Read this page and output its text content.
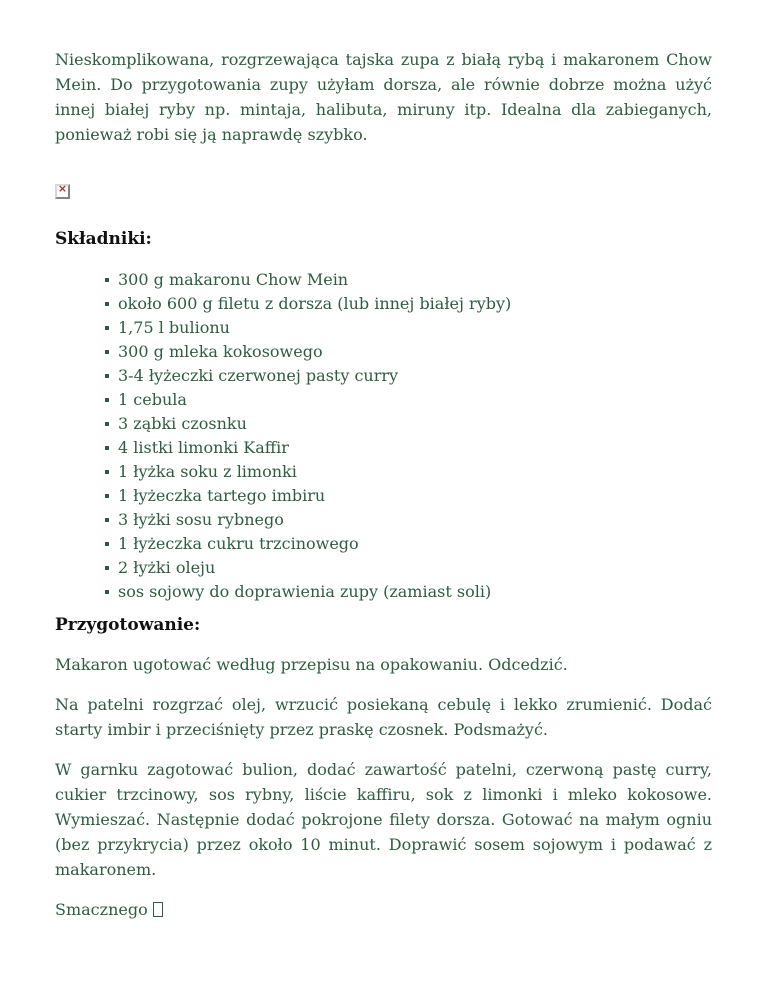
Nieskomplikowana, rozgrzewająca tajska zupa z białą rybą i makaronem Chow Mein. Do przygotowania zupy użyłam dorsza, ale równie dobrze można użyć innej białej ryby np. mintaja, halibuta, miruny itp. Idealna dla zabieganych, ponieważ robi się ją naprawdę szybko.

×
Składniki:
300 g makaronu Chow Mein
około 600 g filetu z dorsza (lub innej białej ryby)
1,75 l bulionu
300 g mleka kokosowego
3-4 łyżeczki czerwonej pasty curry
1 cebula
3 ząbki czosnku
4 listki limonki Kaffir
1 łyżka soku z limonki
1 łyżeczka tartego imbiru
3 łyżki sosu rybnego
1 łyżeczka cukru trzcinowego
2 łyżki oleju
sos sojowy do doprawienia zupy (zamiast soli)
Przygotowanie:

Makaron ugotować według przepisu na opakowaniu. Odcedzić.

Na patelni rozgrzać olej, wrzucić posiekaną cebulę i lekko zrumienić. Dodać starty imbir i przeciśnięty przez praskę czosnek. Podsmażyć.

W garnku zagotować bulion, dodać zawartość patelni, czerwoną pastę curry, cukier trzcinowy, sos rybny, liście kaffiru, sok z limonki i mleko kokosowe. Wymieszać. Następnie dodać pokrojone filety dorsza. Gotować na małym ogniu (bez przykrycia) przez około 10 minut. Doprawić sosem sojowym i podawać z makaronem.

Smacznego
